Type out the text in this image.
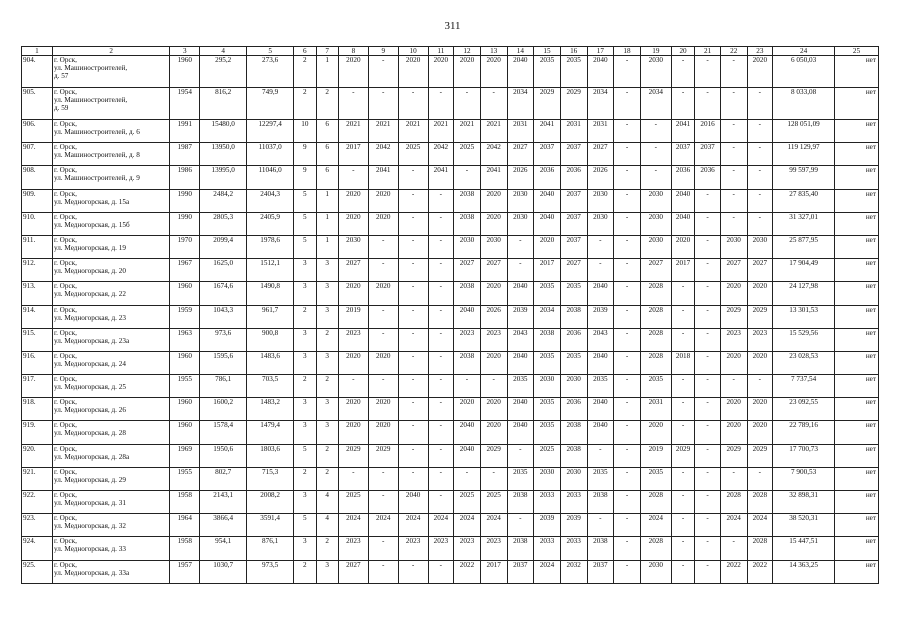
311
1	2	3	4	5	6	7	8	9	10	11	12	13	14	15	16	17	18	19	20	21	22	23	24	25
904.	г. Орск,
ул. Машиностроителей,
д. 57	1960	295,2	273,6	2	1	2020	-	2020	2020	2020	2020	2040	2035	2035	2040	-	2030	-	-	-	2020	6 050,03	нет
905.	г. Орск,
ул. Машиностроителей,
д. 59	1954	816,2	749,9	2	2	-	-	-	-	-	-	2034	2029	2029	2034	-	2034	-	-	-	-	8 033,08	нет
906.	г. Орск,
ул. Машиностроителей, д. 6	1991	15480,0	12297,4	10	6	2021	2021	2021	2021	2021	2021	2031	2041	2031	2031	-	-	2041	2016	-	-	128 051,09	нет
907.	г. Орск,
ул. Машиностроителей, д. 8	1987	13950,0	11037,0	9	6	2017	2042	2025	2042	2025	2042	2027	2037	2037	2027	-	-	2037	2037	-	-	119 129,97	нет
908.	г. Орск,
ул. Машиностроителей, д. 9	1986	13995,0	11046,0	9	6	-	2041	-	2041	-	2041	2026	2036	2036	2026	-	-	2036	2036	-	-	99 597,99	нет
909.	г. Орск,
ул. Медногорская, д. 15а	1990	2484,2	2404,3	5	1	2020	2020	-	-	2038	2020	2030	2040	2037	2030	-	2030	2040	-	-	-	27 835,40	нет
910.	г. Орск,
ул. Медногорская, д. 15б	1990	2805,3	2405,9	5	1	2020	2020	-	-	2038	2020	2030	2040	2037	2030	-	2030	2040	-	-	-	31 327,01	нет
911.	г. Орск,
ул. Медногорская, д. 19	1970	2099,4	1978,6	5	1	2030	-	-	-	2030	2030	-	2020	2037	-	-	2030	2020	-	2030	2030	25 877,95	нет
912.	г. Орск,
ул. Медногорская, д. 20	1967	1625,0	1512,1	3	3	2027	-	-	-	2027	2027	-	2017	2027	-	-	2027	2017	-	2027	2027	17 904,49	нет
913.	г. Орск,
ул. Медногорская, д. 22	1960	1674,6	1490,8	3	3	2020	2020	-	-	2038	2020	2040	2035	2035	2040	-	2028	-	-	2020	2020	24 127,98	нет
914.	г. Орск,
ул. Медногорская, д. 23	1959	1043,3	961,7	2	3	2019	-	-	-	2040	2026	2039	2034	2038	2039	-	2028	-	-	2029	2029	13 301,53	нет
915.	г. Орск,
ул. Медногорская, д. 23а	1963	973,6	900,8	3	2	2023	-	-	-	2023	2023	2043	2038	2036	2043	-	2028	-	-	2023	2023	15 529,56	нет
916.	г. Орск,
ул. Медногорская, д. 24	1960	1595,6	1483,6	3	3	2020	2020	-	-	2038	2020	2040	2035	2035	2040	-	2028	2018	-	2020	2020	23 028,53	нет
917.	г. Орск,
ул. Медногорская, д. 25	1955	786,1	703,5	2	2	-	-	-	-	-	-	2035	2030	2030	2035	-	2035	-	-	-	-	7 737,54	нет
918.	г. Орск,
ул. Медногорская, д. 26	1960	1600,2	1483,2	3	3	2020	2020	-	-	2020	2020	2040	2035	2036	2040	-	2031	-	-	2020	2020	23 092,55	нет
919.	г. Орск,
ул. Медногорская, д. 28	1960	1578,4	1479,4	3	3	2020	2020	-	-	2040	2020	2040	2035	2038	2040	-	2020	-	-	2020	2020	22 789,16	нет
920.	г. Орск,
ул. Медногорская, д. 28а	1969	1950,6	1803,6	5	2	2029	2029	-	-	2040	2029	-	2025	2038	-	-	2019	2029	-	2029	2029	17 700,73	нет
921.	г. Орск,
ул. Медногорская, д. 29	1955	802,7	715,3	2	2	-	-	-	-	-	-	2035	2030	2030	2035	-	2035	-	-	-	-	7 900,53	нет
922.	г. Орск,
ул. Медногорская, д. 31	1958	2143,1	2008,2	3	4	2025	-	2040	-	2025	2025	2038	2033	2033	2038	-	2028	-	-	2028	2028	32 898,31	нет
923.	г. Орск,
ул. Медногорская, д. 32	1964	3866,4	3591,4	5	4	2024	2024	2024	2024	2024	2024	-	2039	2039	-	-	2024	-	-	2024	2024	38 520,31	нет
924.	г. Орск,
ул. Медногорская, д. 33	1958	954,1	876,1	3	2	2023	-	2023	2023	2023	2023	2038	2033	2033	2038	-	2028	-	-	-	2028	15 447,51	нет
925.	г. Орск,
ул. Медногорская, д. 33а	1957	1030,7	973,5	2	3	2027	-	-	-	2022	2017	2037	2024	2032	2037	-	2030	-	-	2022	2022	14 363,25	нет
